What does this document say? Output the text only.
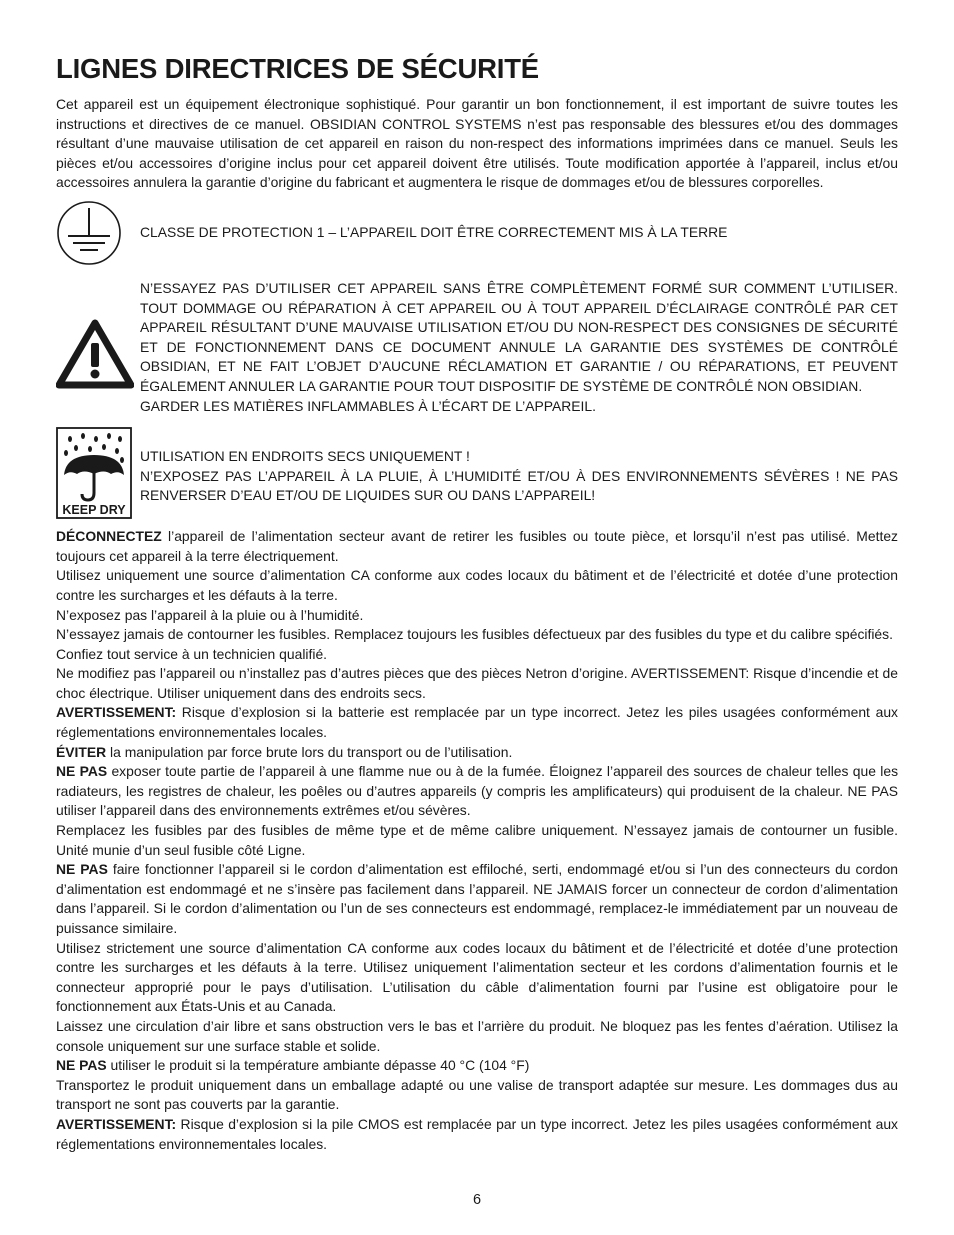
LIGNES DIRECTRICES DE SÉCURITÉ

Cet appareil est un équipement électronique sophistiqué. Pour garantir un bon fonctionnement, il est important de suivre toutes les instructions et directives de ce manuel. OBSIDIAN CONTROL SYSTEMS n’est pas responsable des blessures et/ou des dommages résultant d’une mauvaise utilisation de cet appareil en raison du non-respect des informations imprimées dans ce manuel. Seuls les pièces et/ou accessoires d’origine inclus pour cet appareil doivent être utilisés. Toute modification apportée à l’appareil, inclus et/ou accessoires annulera la garantie d’origine du fabricant et augmentera le risque de dommages et/ou de blessures corporelles.

CLASSE DE PROTECTION 1 – L’APPAREIL DOIT ÊTRE CORRECTEMENT MIS À LA TERRE
N’ESSAYEZ PAS D’UTILISER CET APPAREIL SANS ÊTRE COMPLÈTEMENT FORMÉ SUR COMMENT L’UTILISER. TOUT DOMMAGE OU RÉPARATION À CET APPAREIL OU À TOUT APPAREIL D’ÉCLAIRAGE CONTRÔLÉ PAR CET APPAREIL RÉSULTANT D’UNE MAUVAISE UTILISATION ET/OU DU NON-RESPECT DES CONSIGNES DE SÉCURITÉ ET DE FONCTIONNEMENT DANS CE DOCUMENT ANNULE LA GARANTIE DES SYSTÈMES DE CONTRÔLÉ OBSIDIAN, ET NE FAIT L’OBJET D’AUCUNE RÉCLAMATION ET GARANTIE / OU RÉPARATIONS, ET PEUVENT ÉGALEMENT ANNULER LA GARANTIE POUR TOUT DISPOSITIF DE SYSTÈME DE CONTRÔLÉ NON OBSIDIAN.
GARDER LES MATIÈRES INFLAMMABLES À L’ÉCART DE L’APPAREIL.
KEEP DRY
UTILISATION EN ENDROITS SECS UNIQUEMENT !
N’EXPOSEZ PAS L’APPAREIL À LA PLUIE, À L’HUMIDITÉ ET/OU À DES ENVIRONNEMENTS SÉVÈRES ! NE PAS RENVERSER D’EAU ET/OU DE LIQUIDES SUR OU DANS L’APPAREIL!

DÉCONNECTEZ l’appareil de l’alimentation secteur avant de retirer les fusibles ou toute pièce, et lorsqu’il n’est pas utilisé. Mettez toujours cet appareil à la terre électriquement.

Utilisez uniquement une source d’alimentation CA conforme aux codes locaux du bâtiment et de l’électricité et dotée d’une protection contre les surcharges et les défauts à la terre.

N’exposez pas l’appareil à la pluie ou à l’humidité.

N’essayez jamais de contourner les fusibles. Remplacez toujours les fusibles défectueux par des fusibles du type et du calibre spécifiés.

Confiez tout service à un technicien qualifié.

Ne modifiez pas l’appareil ou n’installez pas d’autres pièces que des pièces Netron d’origine. AVERTISSEMENT: Risque d’incendie et de choc électrique. Utiliser uniquement dans des endroits secs.

AVERTISSEMENT: Risque d’explosion si la batterie est remplacée par un type incorrect. Jetez les piles usagées conformément aux réglementations environnementales locales.

ÉVITER la manipulation par force brute lors du transport ou de l’utilisation.

NE PAS exposer toute partie de l’appareil à une flamme nue ou à de la fumée. Éloignez l’appareil des sources de chaleur telles que les radiateurs, les registres de chaleur, les poêles ou d’autres appareils (y compris les amplificateurs) qui produisent de la chaleur. NE PAS utiliser l’appareil dans des environnements extrêmes et/ou sévères.

Remplacez les fusibles par des fusibles de même type et de même calibre uniquement. N’essayez jamais de contourner un fusible. Unité munie d’un seul fusible côté Ligne.

NE PAS faire fonctionner l’appareil si le cordon d’alimentation est effiloché, serti, endommagé et/ou si l’un des connecteurs du cordon d’alimentation est endommagé et ne s’insère pas facilement dans l’appareil. NE JAMAIS forcer un connecteur de cordon d’alimentation dans l’appareil. Si le cordon d’alimentation ou l’un de ses connecteurs est endommagé, remplacez-le immédiatement par un nouveau de puissance similaire.

Utilisez strictement une source d’alimentation CA conforme aux codes locaux du bâtiment et de l’électricité et dotée d’une protection contre les surcharges et les défauts à la terre. Utilisez uniquement l’alimentation secteur et les cordons d’alimentation fournis et le connecteur approprié pour le pays d’utilisation. L’utilisation du câble d’alimentation fourni par l’usine est obligatoire pour le fonctionnement aux États-Unis et au Canada.

Laissez une circulation d’air libre et sans obstruction vers le bas et l’arrière du produit. Ne bloquez pas les fentes d’aération. Utilisez la console uniquement sur une surface stable et solide.

NE PAS utiliser le produit si la température ambiante dépasse 40 °C (104 °F)

Transportez le produit uniquement dans un emballage adapté ou une valise de transport adaptée sur mesure. Les dommages dus au transport ne sont pas couverts par la garantie.

AVERTISSEMENT: Risque d’explosion si la pile CMOS est remplacée par un type incorrect. Jetez les piles usagées conformément aux réglementations environnementales locales.

6
